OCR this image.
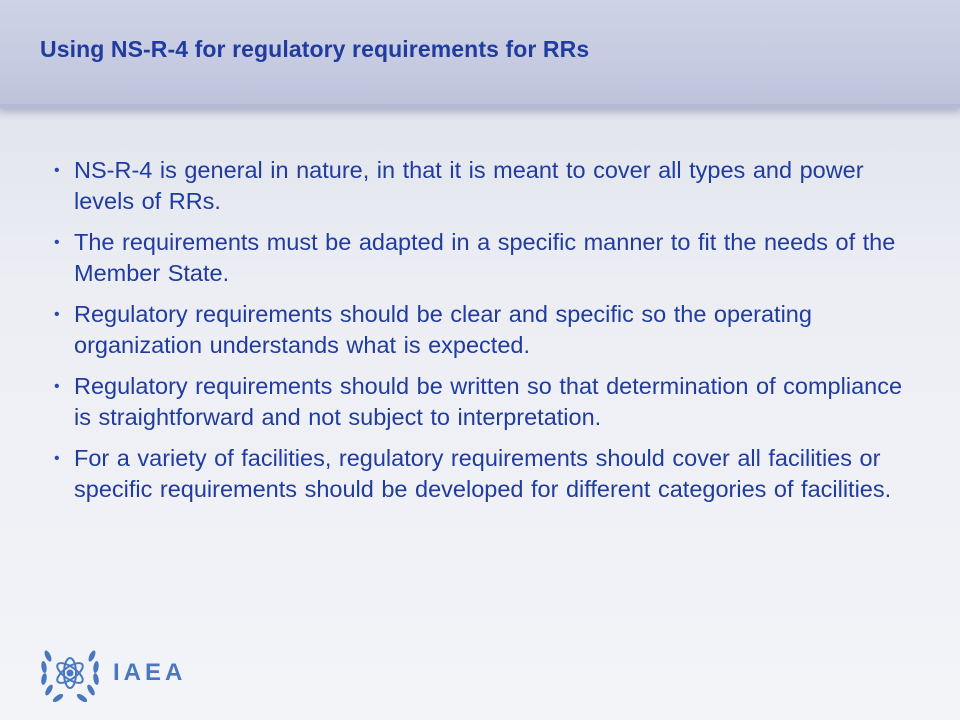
Using NS-R-4 for regulatory requirements for RRs
• NS-R-4 is general in nature, in that it is meant to cover all types and power levels of RRs.
• The requirements must be adapted in a specific manner to fit the needs of the Member State.
• Regulatory requirements should be clear and specific so the operating organization understands what is expected.
• Regulatory requirements should be written so that determination of compliance is straightforward and not subject to interpretation.
• For a variety of facilities, regulatory requirements should cover all facilities or specific requirements should be developed for different categories of facilities.
IAEA
